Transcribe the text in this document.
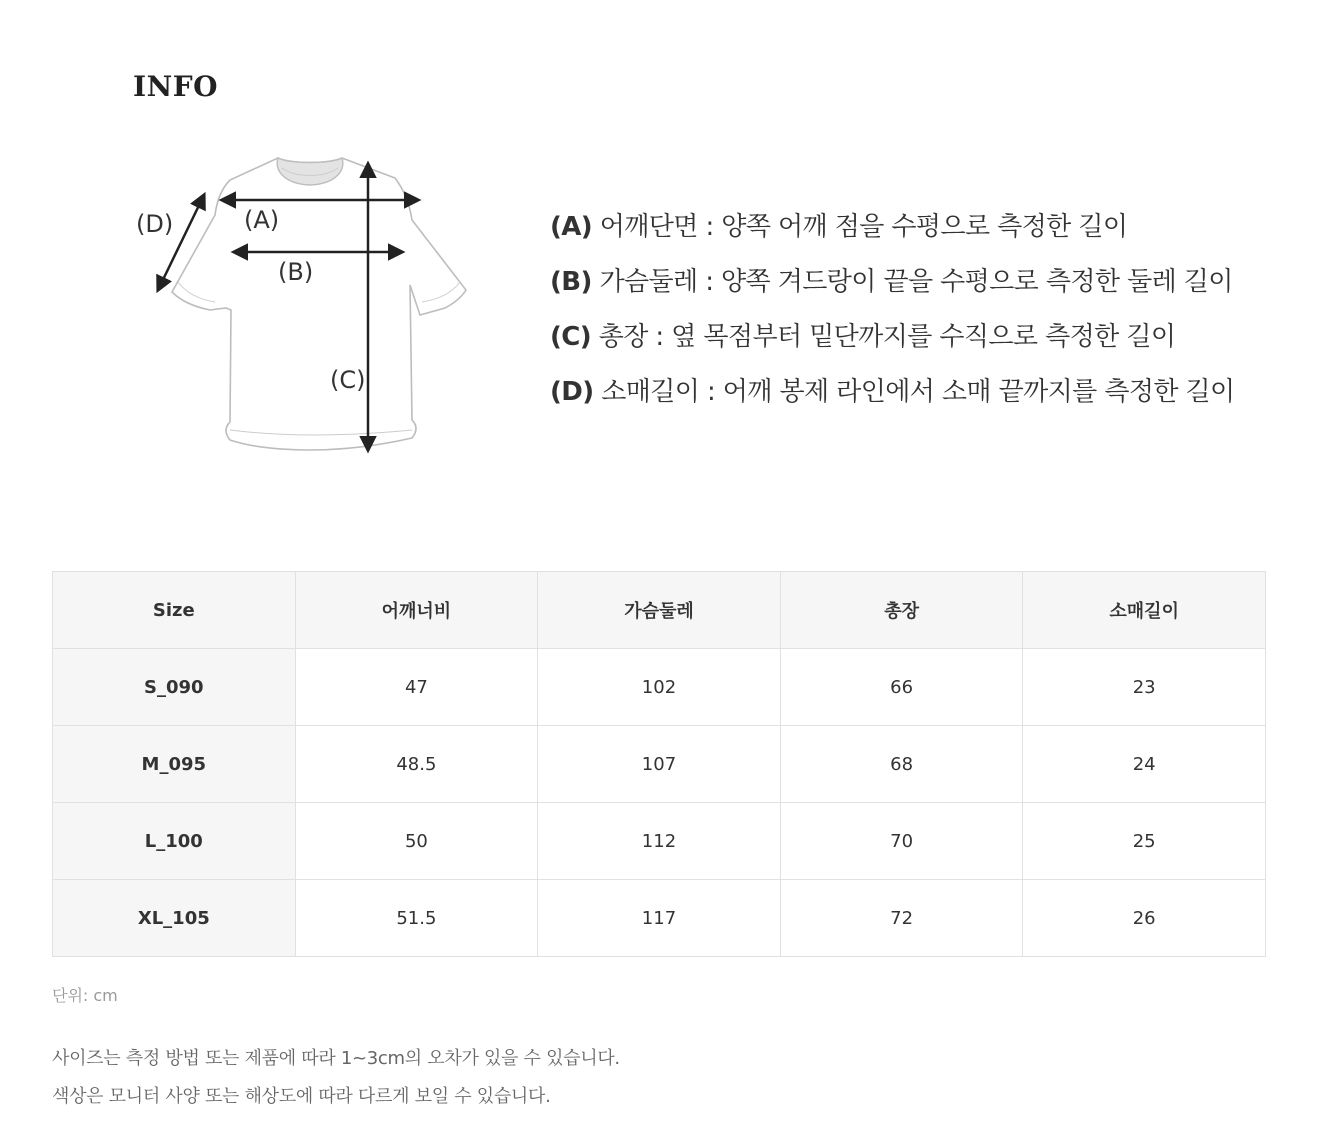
INFO
(A)
(B)
(C)
(D)	(A) 어깨단면 : 양쪽 어깨 점을 수평으로 측정한 길이
(B) 가슴둘레 : 양쪽 겨드랑이 끝을 수평으로 측정한 둘레 길이
(C) 총장 : 옆 목점부터 밑단까지를 수직으로 측정한 길이
(D) 소매길이 : 어깨 봉제 라인에서 소매 끝까지를 측정한 길이
Size	어깨너비	가슴둘레	총장	소매길이
S_090	47	102	66	23
M_095	48.5	107	68	24
L_100	50	112	70	25
XL_105	51.5	117	72	26
단위: cm
사이즈는 측정 방법 또는 제품에 따라 1~3cm의 오차가 있을 수 있습니다.
색상은 모니터 사양 또는 해상도에 따라 다르게 보일 수 있습니다.
